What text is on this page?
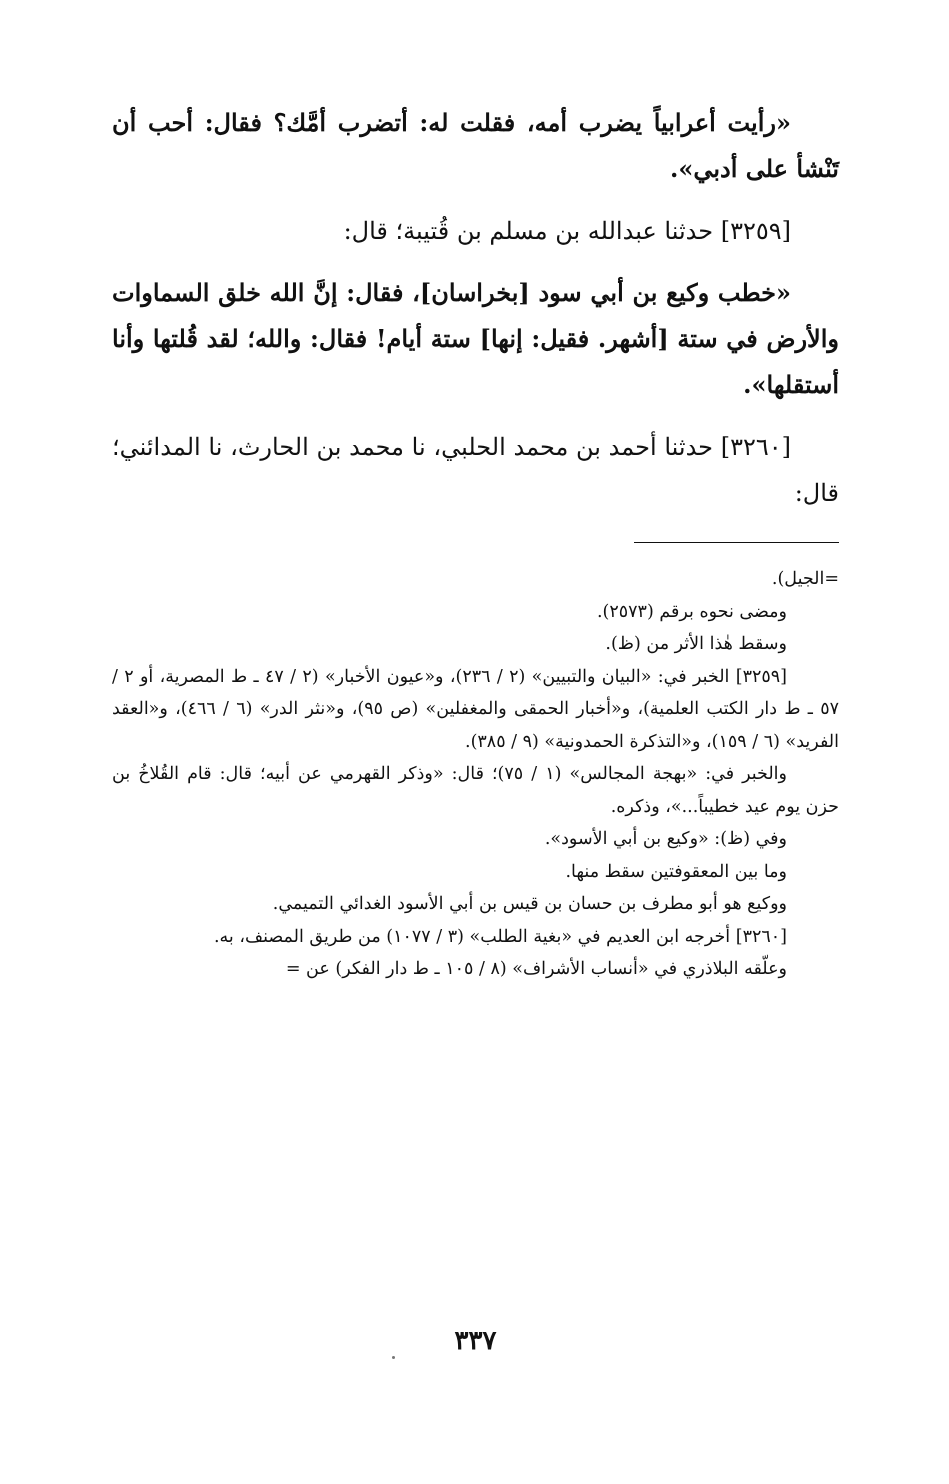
«رأيت أعرابياً يضرب أمه، فقلت له: أتضرب أمَّك؟ فقال: أحب أن تَنْشأ على أدبي».

[٣٢٥٩] حدثنا عبدالله بن مسلم بن قُتيبة؛ قال:

«خطب وكيع بن أبي سود [بخراسان]، فقال: إنَّ الله خلق السماوات والأرض في ستة [أشهر. فقيل: إنها] ستة أيام! فقال: والله؛ لقد قُلتها وأنا أستقلها».

[٣٢٦٠] حدثنا أحمد بن محمد الحلبي، نا محمد بن الحارث، نا المدائني؛ قال:

=الجيل).

ومضى نحوه برقم (٢٥٧٣).

وسقط هٰذا الأثر من (ظ).

[٣٢٥٩] الخبر في: «البيان والتبيين» (٢ / ٢٣٦)، و«عيون الأخبار» (٢ / ٤٧ ـ ط المصرية، أو ٢ / ٥٧ ـ ط دار الكتب العلمية)، و«أخبار الحمقى والمغفلين» (ص ٩٥)، و«نثر الدر» (٦ / ٤٦٦)، و«العقد الفريد» (٦ / ١٥٩)، و«التذكرة الحمدونية» (٩ / ٣٨٥).

والخبر في: «بهجة المجالس» (١ / ٧٥)؛ قال: «وذكر القهرمي عن أبيه؛ قال: قام القُلاخُ بن حزن يوم عيد خطيباً...»، وذكره.

وفي (ظ): «وكيع بن أبي الأسود».

وما بين المعقوفتين سقط منها.

ووكيع هو أبو مطرف بن حسان بن قيس بن أبي الأسود الغدائي التميمي.

[٣٢٦٠] أخرجه ابن العديم في «بغية الطلب» (٣ / ١٠٧٧) من طريق المصنف، به.

وعلّقه البلاذري في «أنساب الأشراف» (٨ / ١٠٥ ـ ط دار الفكر) عن =

٣٣٧
